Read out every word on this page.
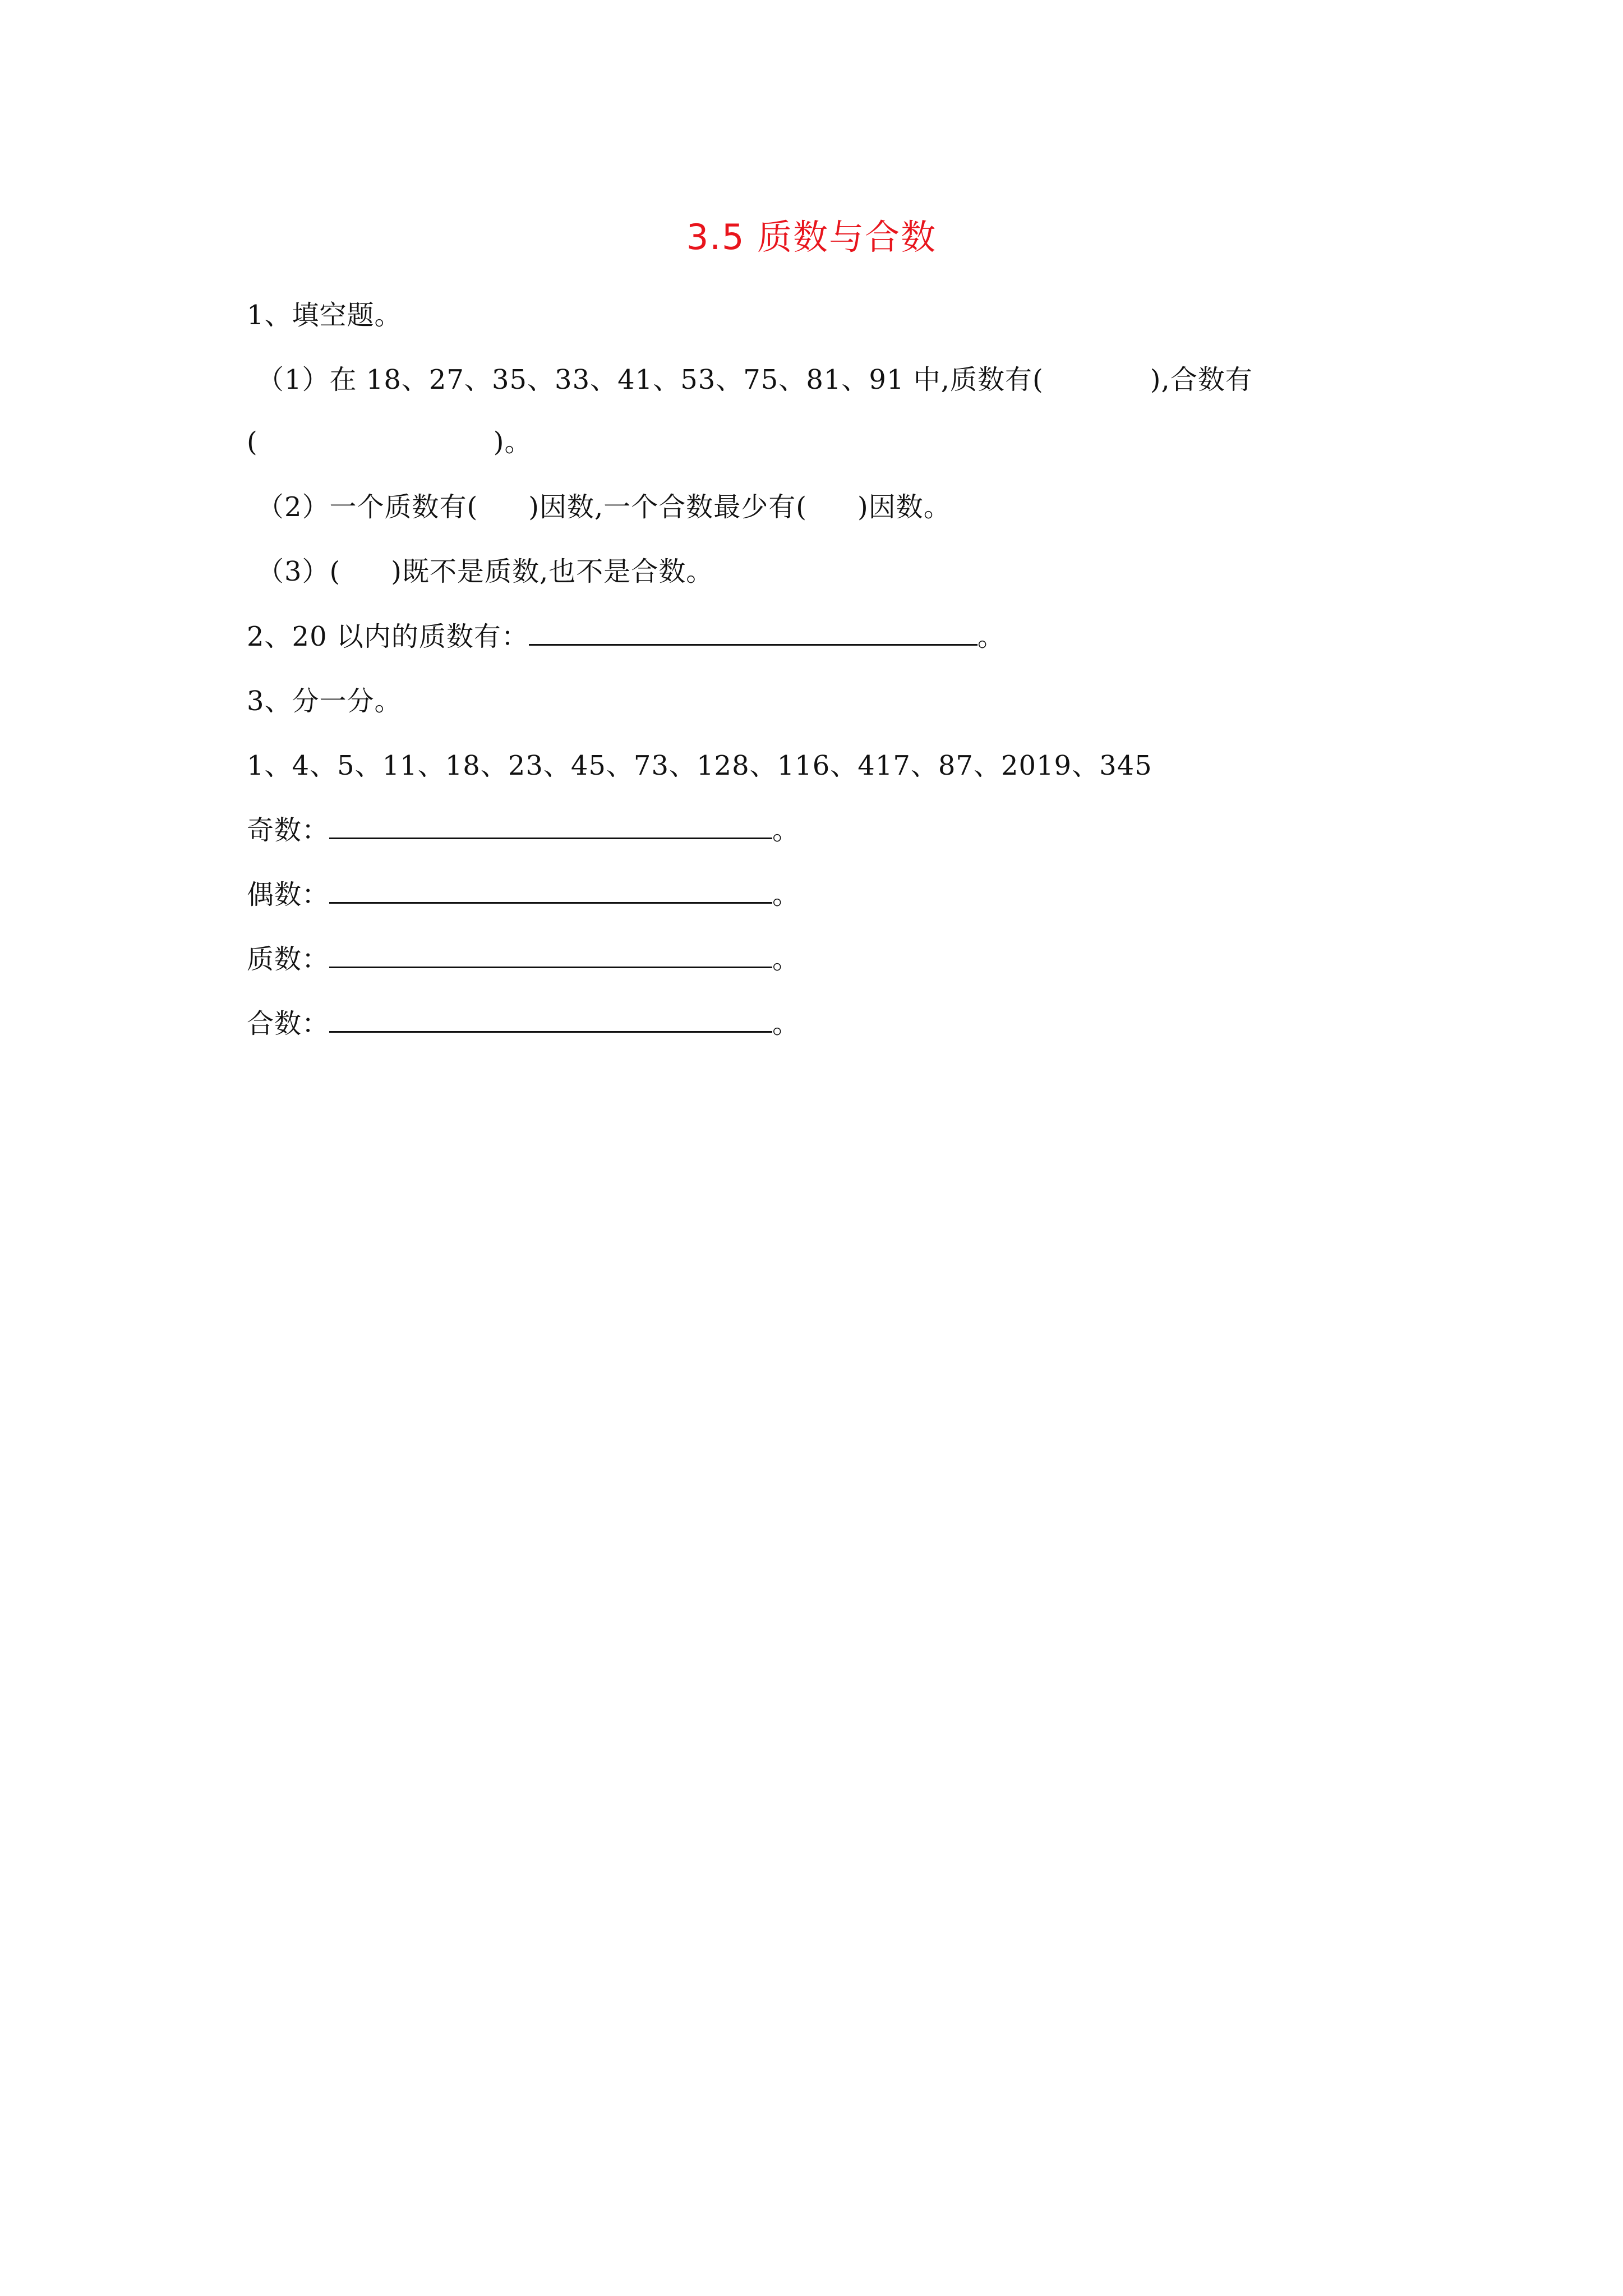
3.5 质数与合数
1、填空题。
（1）在 18、27、35、33、41、53、75、81、91 中,质数有(	),合数有
(	)。
（2）一个质数有( )因数,一个合数最少有( )因数。
（3）( )既不是质数,也不是合数。
2、20 以内的质数有：	。
3、分一分。
1、4、5、11、18、23、45、73、128、116、417、87、2019、345
奇数：	。
偶数：	。
质数：	。
合数：	。
